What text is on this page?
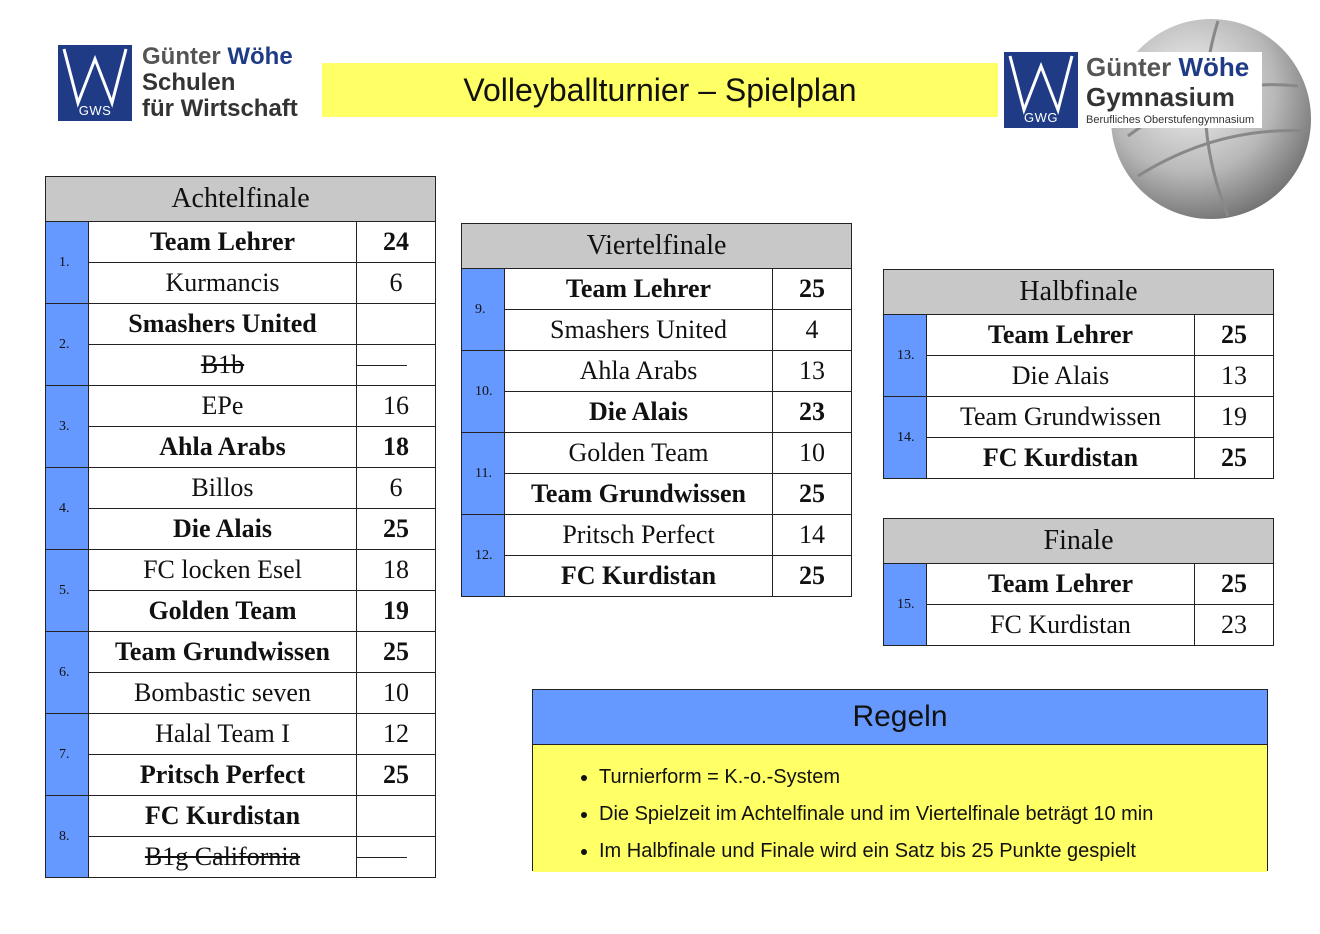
GWS
Günter Wöhe
Schulen
für Wirtschaft
Volleyballturnier – Spielplan
GWG
Günter Wöhe
Gymnasium
Berufliches Oberstufengymnasium
Achtelfinale		
1.	Team Lehrer	24
	Kurmancis	6
2.	Smashers United	
	B1b	

3.	EPe	16
	Ahla Arabs	18
4.	Billos	6
	Die Alais	25
5.	FC locken Esel	18
	Golden Team	19
6.	Team Grundwissen	25
	Bombastic seven	10
7.	Halal Team I	12
	Pritsch Perfect	25
8.	FC Kurdistan	
	B1g California	
Viertelfinale		
9.	Team Lehrer	25
	Smashers United	4
10.	Ahla Arabs	13
	Die Alais	23
11.	Golden Team	10
	Team Grundwissen	25
12.	Pritsch Perfect	14
	FC Kurdistan	25
Halbfinale		
13.	Team Lehrer	25
	Die Alais	13
14.	Team Grundwissen	19
	FC Kurdistan	25
Finale		
15.	Team Lehrer	25
	FC Kurdistan	23
Regeln
• Turnierform = K.-o.-System
• Die Spielzeit im Achtelfinale und im Viertelfinale beträgt 10 min
• Im Halbfinale und Finale wird ein Satz bis 25 Punkte gespielt
